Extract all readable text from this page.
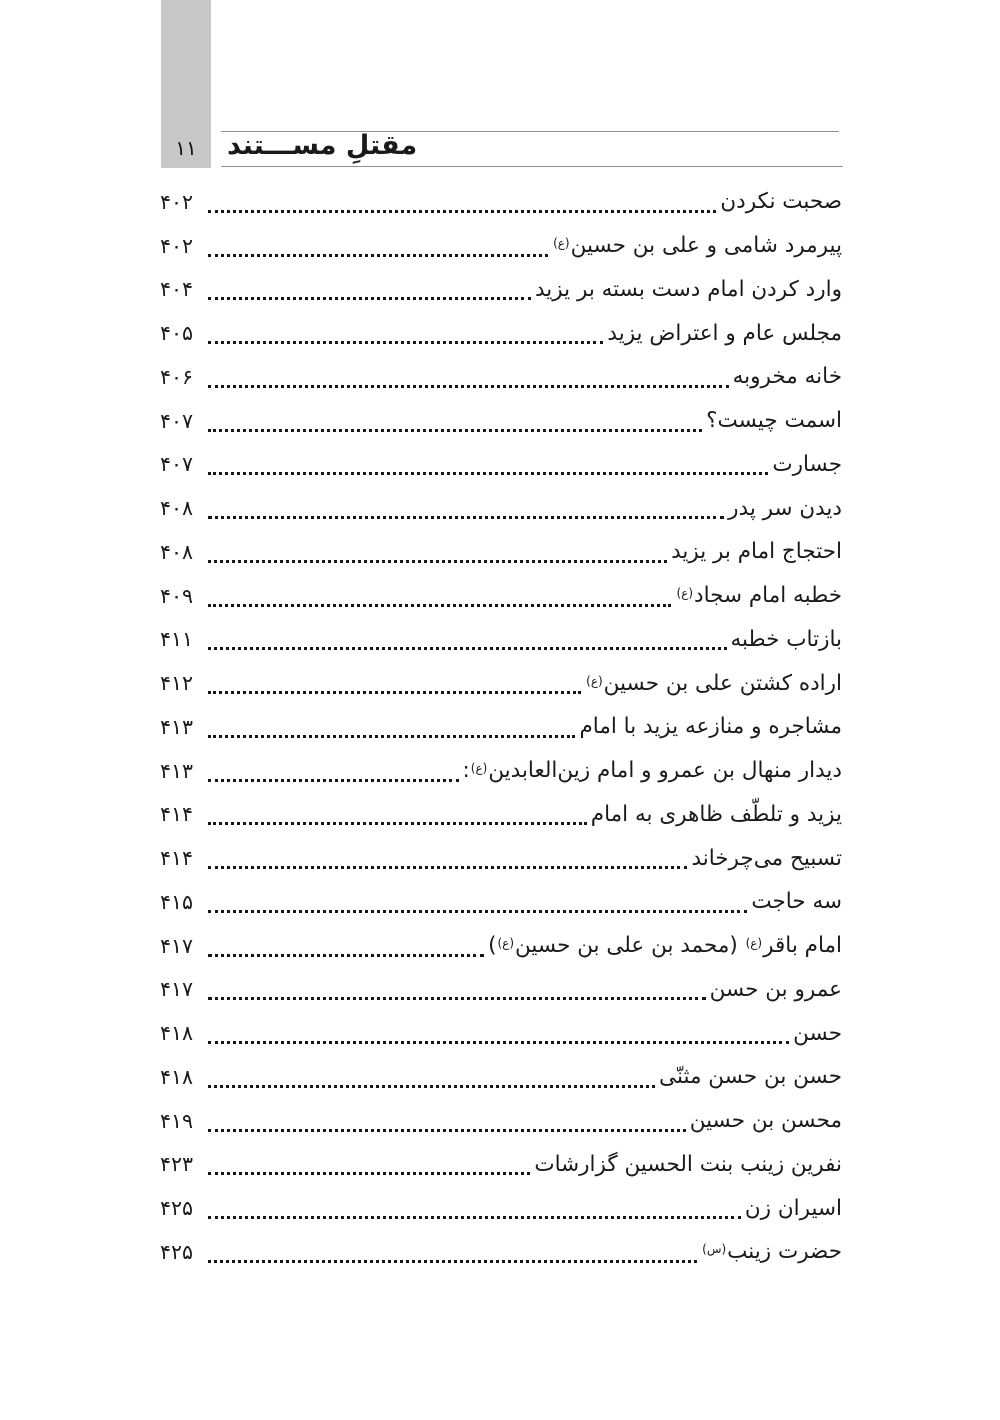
۱۱	مقتلِ مســـتند
صحبت نکردن
۴۰۲
پیرمرد شامی و علی بن حسین$^{(ع)}$
۴۰۲
وارد کردن امام دست بسته بر یزید
۴۰۴
مجلس عام و اعتراض یزید
۴۰۵
خانه مخروبه
۴۰۶
اسمت چیست؟
۴۰۷
جسارت
۴۰۷
دیدن سر پدر
۴۰۸
احتجاج امام بر یزید
۴۰۸
خطبه امام سجاد$^{(ع)}$
۴۰۹
بازتاب خطبه
۴۱۱
اراده کشتن علی بن حسین$^{(ع)}$
۴۱۲
مشاجره و منازعه یزید با امام
۴۱۳
دیدار منهال بن عمرو و امام زین‌العابدین$^{(ع)}$:
۴۱۳
یزید و تلطّف ظاهری به امام
۴۱۴
تسبیح می‌چرخاند
۴۱۴
سه حاجت
۴۱۵
امام باقر$^{(ع)}$ (محمد بن علی بن حسین$^{(ع)}$)
۴۱۷
عمرو بن حسن
۴۱۷
حسن
۴۱۸
حسن بن حسن مثنّی
۴۱۸
محسن بن حسین
۴۱۹
نفرین زینب بنت الحسین گزارشات
۴۲۳
اسیران زن
۴۲۵
حضرت زینب$^{(س)}$
۴۲۵
